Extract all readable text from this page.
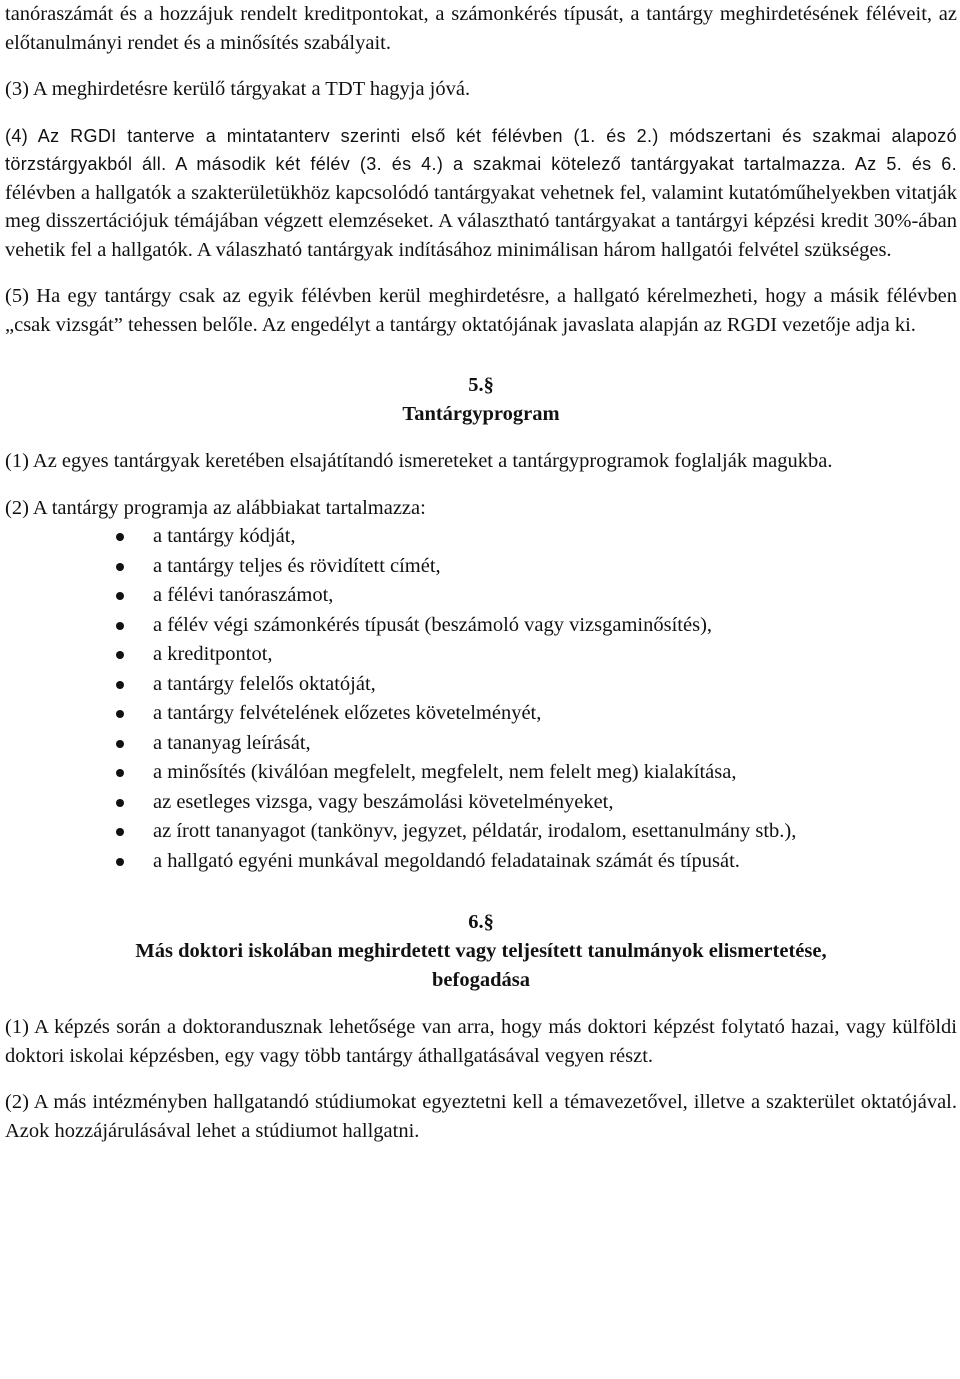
tanóraszámát és a hozzájuk rendelt kreditpontokat, a számonkérés típusát, a tantárgy meghirdetésének féléveit, az előtanulmányi rendet és a minősítés szabályait.

(3) A meghirdetésre kerülő tárgyakat a TDT hagyja jóvá.

(4) Az RGDI tanterve a mintatanterv szerinti első két félévben (1. és 2.) módszertani és szakmai alapozó törzstárgyakból áll. A második két félév (3. és 4.) a szakmai kötelező tantárgyakat tartalmazza. Az 5. és 6. félévben a hallgatók a szakterületükhöz kapcsolódó tantárgyakat vehetnek fel, valamint kutatóműhelyekben vitatják meg disszertációjuk témájában végzett elemzéseket. A választható tantárgyakat a tantárgyi képzési kredit 30%-ában vehetik fel a hallgatók. A válaszható tantárgyak indításához minimálisan három hallgatói felvétel szükséges.

(5) Ha egy tantárgy csak az egyik félévben kerül meghirdetésre, a hallgató kérelmezheti, hogy a másik félévben „csak vizsgát” tehessen belőle. Az engedélyt a tantárgy oktatójának javaslata alapján az RGDI vezetője adja ki.

5.§

Tantárgyprogram

(1) Az egyes tantárgyak keretében elsajátítandó ismereteket a tantárgyprogramok foglalják magukba.

(2) A tantárgy programja az alábbiakat tartalmazza:

a tantárgy kódját,
a tantárgy teljes és rövidített címét,
a félévi tanóraszámot,
a félév végi számonkérés típusát (beszámoló vagy vizsgaminősítés),
a kreditpontot,
a tantárgy felelős oktatóját,
a tantárgy felvételének előzetes követelményét,
a tananyag leírását,
a minősítés (kiválóan megfelelt, megfelelt, nem felelt meg) kialakítása,
az esetleges vizsga, vagy beszámolási követelményeket,
az írott tananyagot (tankönyv, jegyzet, példatár, irodalom, esettanulmány stb.),
a hallgató egyéni munkával megoldandó feladatainak számát és típusát.

6.§

Más doktori iskolában meghirdetett vagy teljesített tanulmányok elismertetése,

befogadása

(1) A képzés során a doktorandusznak lehetősége van arra, hogy más doktori képzést folytató hazai, vagy külföldi doktori iskolai képzésben, egy vagy több tantárgy áthallgatásával vegyen részt.

(2) A más intézményben hallgatandó stúdiumokat egyeztetni kell a témavezetővel, illetve a szakterület oktatójával. Azok hozzájárulásával lehet a stúdiumot hallgatni.
